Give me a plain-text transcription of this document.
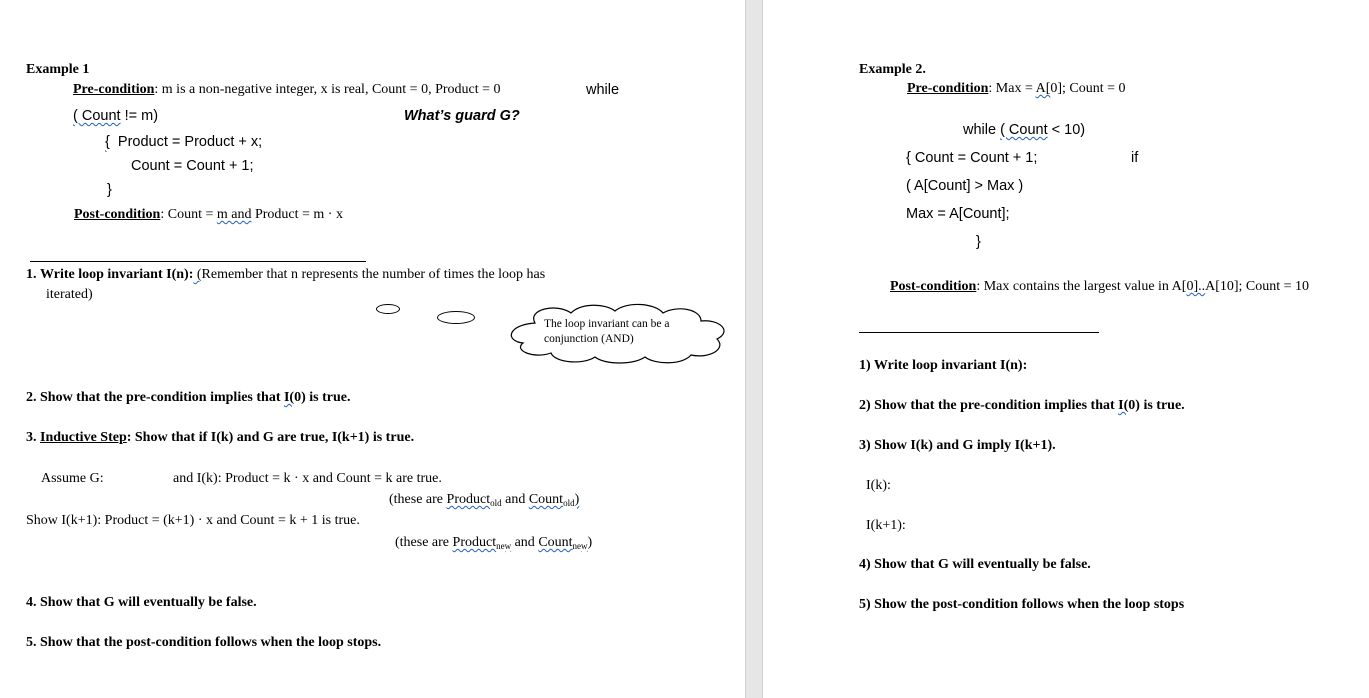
Example 1
Pre-condition: m is a non-negative integer, x is real, Count = 0, Product = 0	while
( Count != m)	What’s guard G?
{ Product = Product + x;
Count = Count + 1;
}
Post-condition: Count = m and Product = m · x
1. Write loop invariant I(n): (Remember that n represents the number of times the loop has
iterated)
The loop invariant can be a conjunction (AND)
2. Show that the pre-condition implies that I(0) is true.
3. Inductive Step: Show that if I(k) and G are true, I(k+1) is true.
Assume G:	and I(k): Product = k · x and Count = k are true.
(these are Product$_{old}$ and Count$_{old}$)
Show I(k+1): Product = (k+1) · x and Count = k + 1 is true.
(these are Product$_{new}$ and Count$_{new}$)
4. Show that G will eventually be false.
5. Show that the post-condition follows when the loop stops.
Example 2.
Pre-condition: Max = A[0]; Count = 0
while ( Count < 10)
{ Count = Count + 1;	if
( A[Count] > Max )
Max = A[Count];
}
Post-condition: Max contains the largest value in A[0]..A[10]; Count = 10
1) Write loop invariant I(n):
2) Show that the pre-condition implies that I(0) is true.
3) Show I(k) and G imply I(k+1).
I(k):
I(k+1):
4) Show that G will eventually be false.
5) Show the post-condition follows when the loop stops
